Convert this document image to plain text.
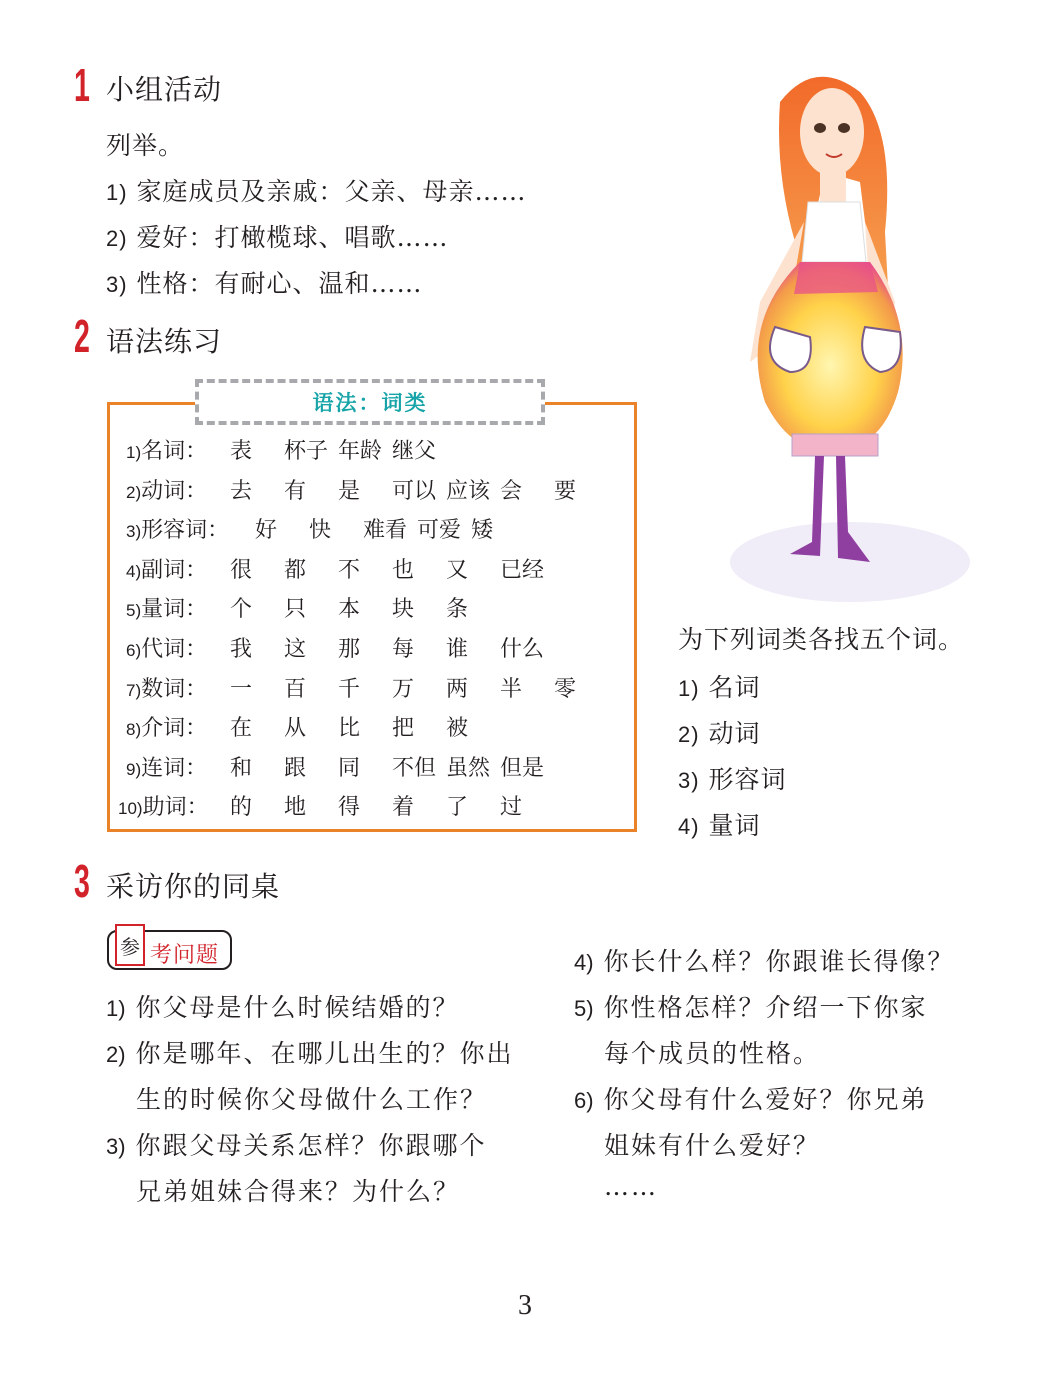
1 小组活动
列举。
1) 家庭成员及亲戚：父亲、母亲……
2) 爱好：打橄榄球、唱歌……
3) 性格：有耐心、温和……
2 语法练习
语法：词类
1)名词： 表 杯子 年龄 继父
2)动词： 去 有 是 可以 应该 会 要
3)形容词： 好 快 难看 可爱 矮
4)副词： 很 都 不 也 又 已经
5)量词： 个 只 本 块 条
6)代词： 我 这 那 每 谁 什么
7)数词： 一 百 千 万 两 半 零
8)介词： 在 从 比 把 被
9)连词： 和 跟 同 不但 虽然 但是
10)助词： 的 地 得 着 了 过
为下列词类各找五个词。
1) 名词
2) 动词
3) 形容词
4) 量词
3 采访你的同桌
参 考问题
1) 你父母是什么时候结婚的？
2) 你是哪年、在哪儿出生的？你出
生的时候你父母做什么工作？
3) 你跟父母关系怎样？你跟哪个
兄弟姐妹合得来？为什么？
4) 你长什么样？你跟谁长得像？
5) 你性格怎样？介绍一下你家
每个成员的性格。
6) 你父母有什么爱好？你兄弟
姐妹有什么爱好？
……
3
